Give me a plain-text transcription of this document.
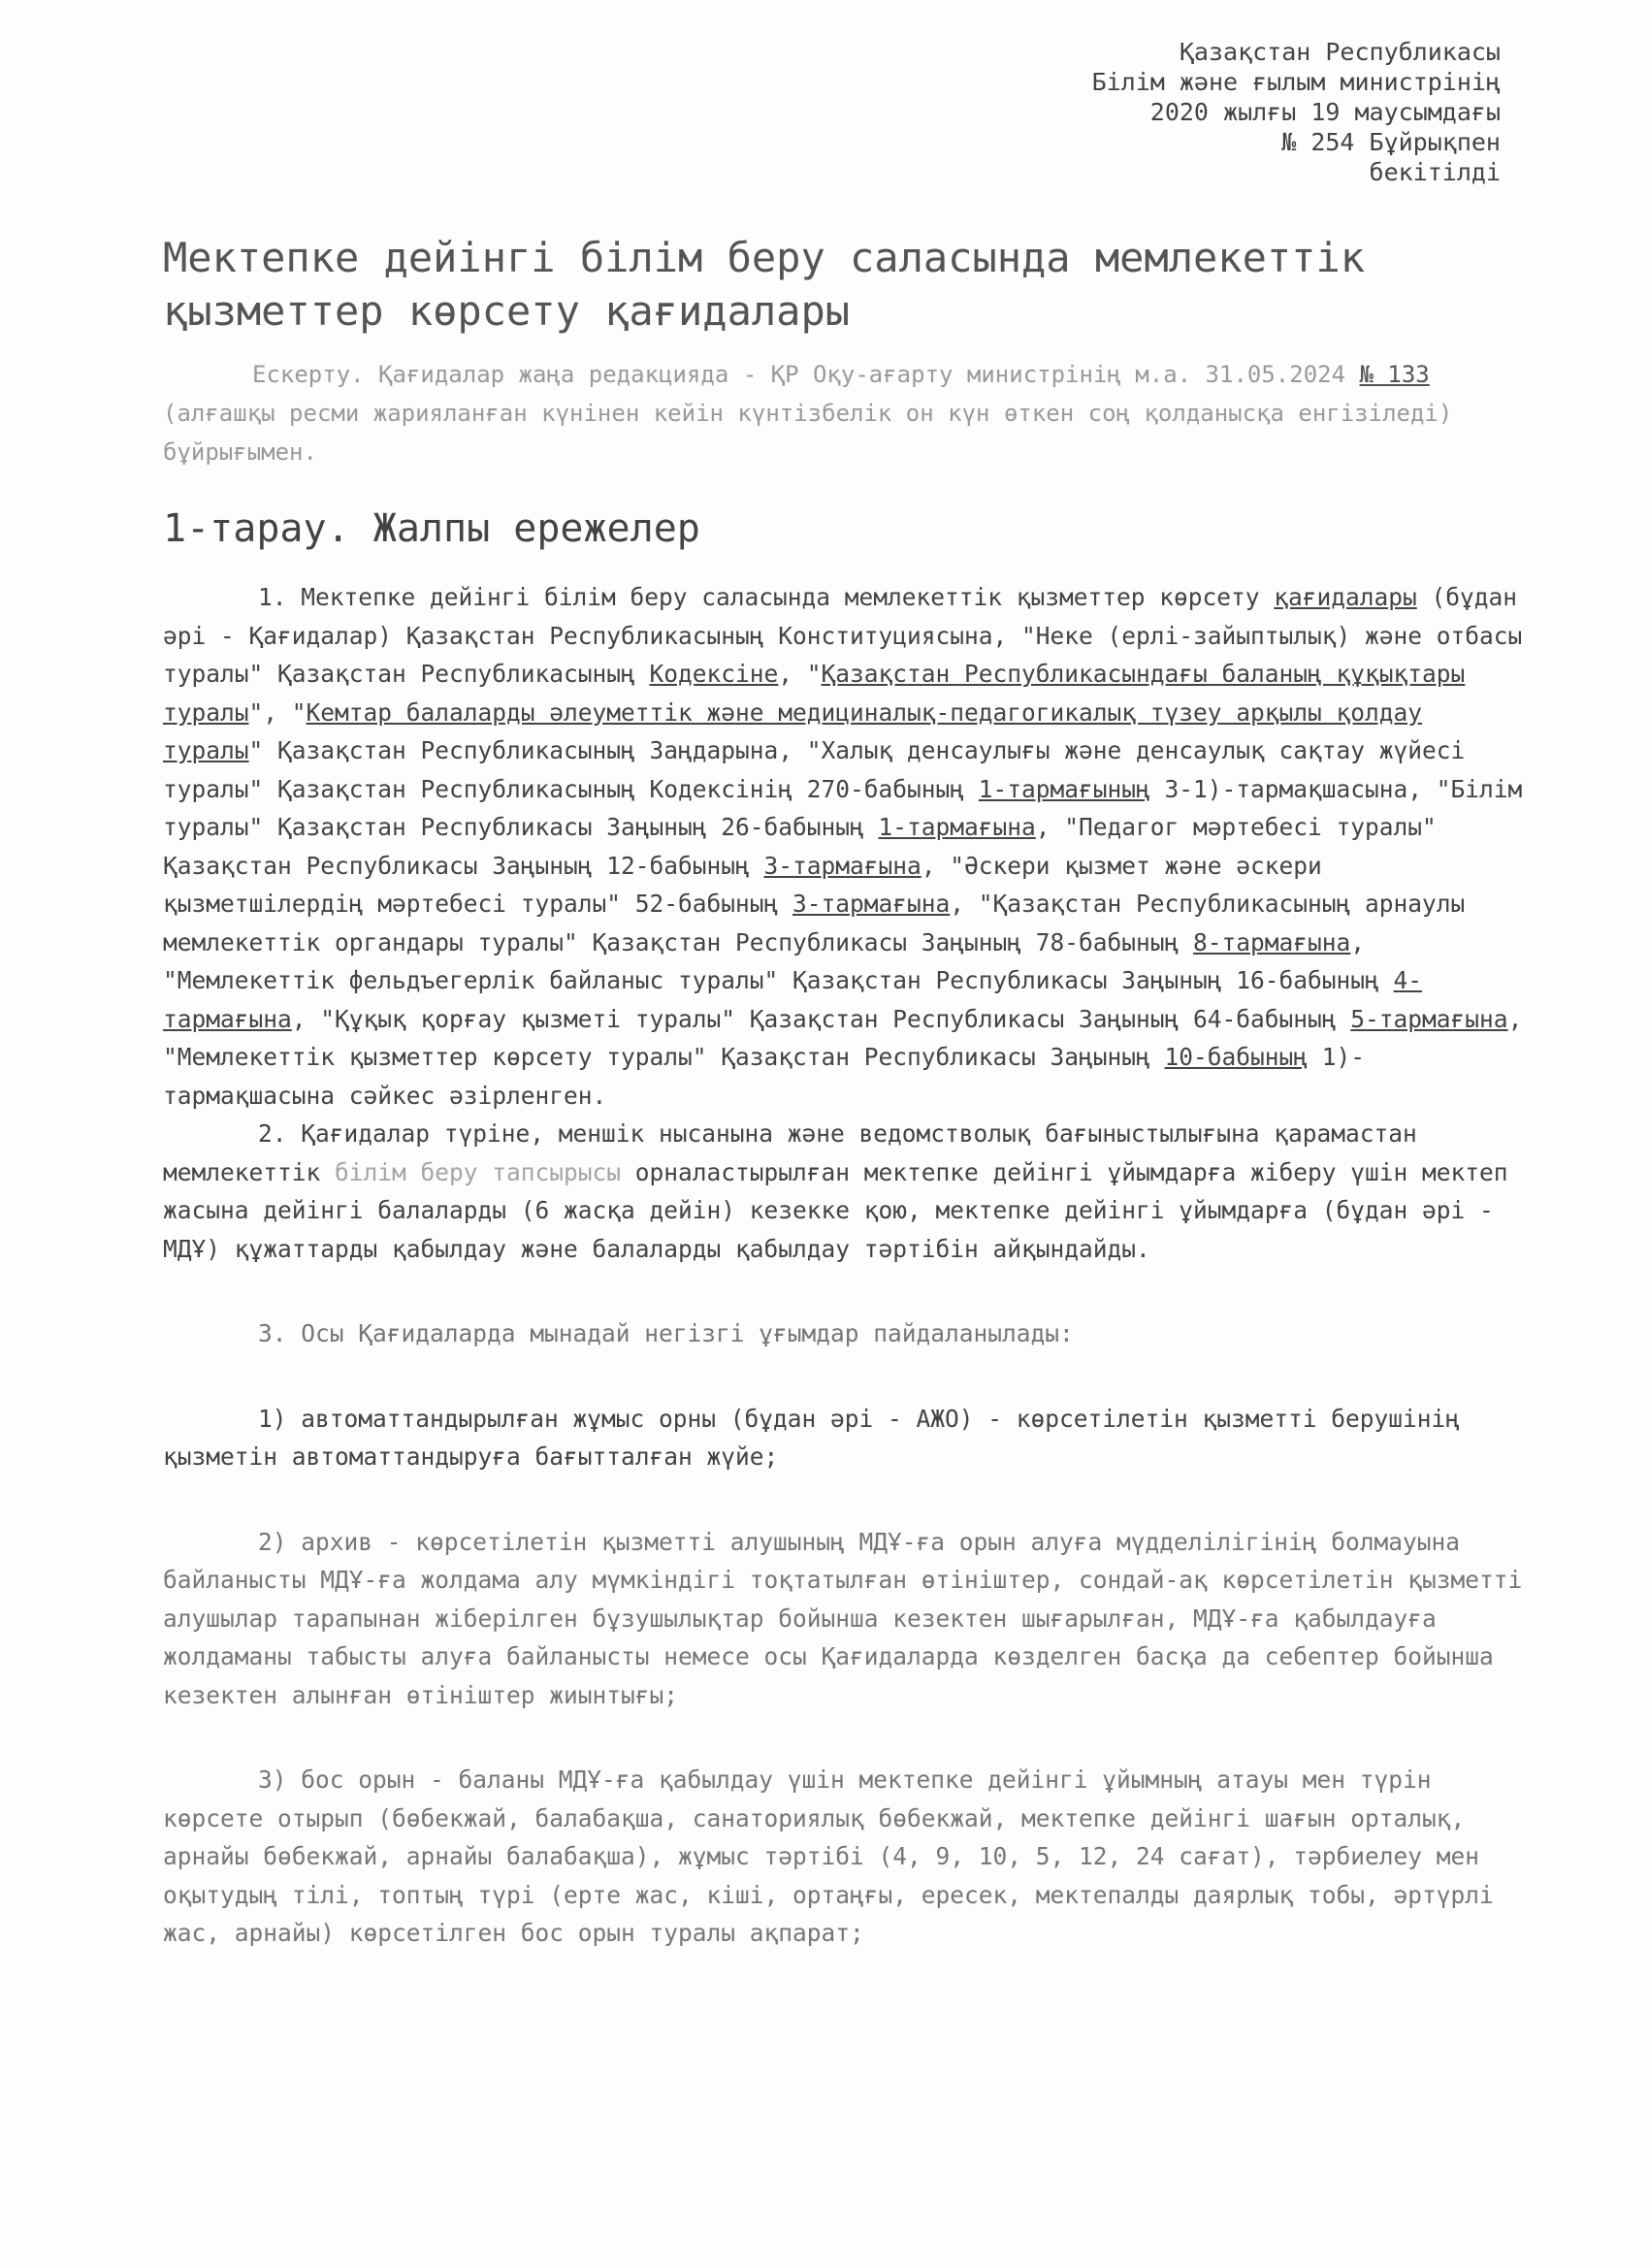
Қазақстан Республикасы
Білім және ғылым министрінің
2020 жылғы 19 маусымдағы
№ 254 Бұйрықпен
бекітілді
Мектепке дейінгі білім беру саласында мемлекеттік қызметтер көрсету қағидалары

Ескерту. Қағидалар жаңа редакцияда - ҚР Оқу-ағарту министрінің м.а. 31.05.2024 № 133 (алғашқы ресми жарияланған күнінен кейін күнтізбелік он күн өткен соң қолданысқа енгізіледі) бұйрығымен.

1-тарау. Жалпы ережелер

1. Мектепке дейінгі білім беру саласында мемлекеттік қызметтер көрсету қағидалары (бұдан әрі - Қағидалар) Қазақстан Республикасының Конституциясына, "Неке (ерлі-зайыптылық) және отбасы туралы" Қазақстан Республикасының Кодексіне, "Қазақстан Республикасындағы баланың құқықтары туралы", "Кемтар балаларды әлеуметтік және медициналық-педагогикалық түзеу арқылы қолдау туралы" Қазақстан Республикасының Заңдарына, "Халық денсаулығы және денсаулық сақтау жүйесі туралы" Қазақстан Республикасының Кодексінің 270-бабының 1-тармағының 3-1)-тармақшасына, "Білім туралы" Қазақстан Республикасы Заңының 26-бабының 1-тармағына, "Педагог мәртебесі туралы" Қазақстан Республикасы Заңының 12-бабының 3-тармағына, "Әскери қызмет және әскери қызметшілердің мәртебесі туралы" 52-бабының 3-тармағына, "Қазақстан Республикасының арнаулы мемлекеттік органдары туралы" Қазақстан Республикасы Заңының 78-бабының 8-тармағына, "Мемлекеттік фельдъегерлік байланыс туралы" Қазақстан Республикасы Заңының 16-бабының 4-тармағына, "Құқық қорғау қызметі туралы" Қазақстан Республикасы Заңының 64-бабының 5-тармағына, "Мемлекеттік қызметтер көрсету туралы" Қазақстан Республикасы Заңының 10-бабының 1)-тармақшасына сәйкес әзірленген.

2. Қағидалар түріне, меншік нысанына және ведомстволық бағыныстылығына қарамастан мемлекеттік білім беру тапсырысы орналастырылған мектепке дейінгі ұйымдарға жіберу үшін мектеп жасына дейінгі балаларды (6 жасқа дейін) кезекке қою, мектепке дейінгі ұйымдарға (бұдан әрі - МДҰ) құжаттарды қабылдау және балаларды қабылдау тәртібін айқындайды.

3. Осы Қағидаларда мынадай негізгі ұғымдар пайдаланылады:

1) автоматтандырылған жұмыс орны (бұдан әрі - АЖО) - көрсетілетін қызметті берушінің қызметін автоматтандыруға бағытталған жүйе;

2) архив - көрсетілетін қызметті алушының МДҰ-ға орын алуға мүдделілігінің болмауына байланысты МДҰ-ға жолдама алу мүмкіндігі тоқтатылған өтініштер, сондай-ақ көрсетілетін қызметті алушылар тарапынан жіберілген бұзушылықтар бойынша кезектен шығарылған, МДҰ-ға қабылдауға жолдаманы табысты алуға байланысты немесе осы Қағидаларда көзделген басқа да себептер бойынша кезектен алынған өтініштер жиынтығы;

3) бос орын - баланы МДҰ-ға қабылдау үшін мектепке дейінгі ұйымның атауы мен түрін көрсете отырып (бөбекжай, балабақша, санаториялық бөбекжай, мектепке дейінгі шағын орталық, арнайы бөбекжай, арнайы балабақша), жұмыс тәртібі (4, 9, 10, 5, 12, 24 сағат), тәрбиелеу мен оқытудың тілі, топтың түрі (ерте жас, кіші, ортаңғы, ересек, мектепалды даярлық тобы, әртүрлі жас, арнайы) көрсетілген бос орын туралы ақпарат;
